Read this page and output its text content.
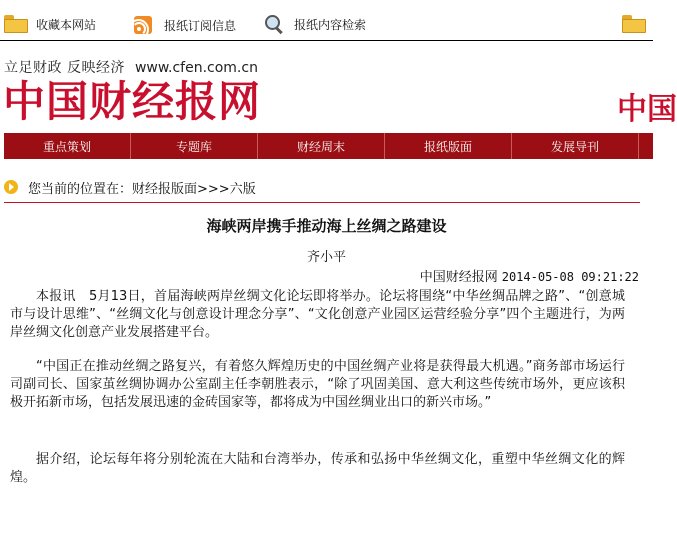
收藏本网站	报纸订阅信息	报纸内容检索
立足财政 反映经济 www.cfen.com.cn
中国财经报网	中国
重点策划	专题库	财经周末	报纸版面	发展导刊
您当前的位置在： 财经报版面>>>六版
海峡两岸携手推动海上丝绸之路建设
齐小平
中国财经报网 2014-05-08 09:21:22

本报讯　5月13日，首届海峡两岸丝绸文化论坛即将举办。论坛将围绕“中华丝绸品牌之路”、“创意城市与设计思维”、“丝绸文化与创意设计理念分享”、“文化创意产业园区运营经验分享”四个主题进行，为两岸丝绸文化创意产业发展搭建平台。

“中国正在推动丝绸之路复兴，有着悠久辉煌历史的中国丝绸产业将是获得最大机遇。”商务部市场运行司副司长、国家茧丝绸协调办公室副主任李朝胜表示，“除了巩固美国、意大利这些传统市场外，更应该积极开拓新市场，包括发展迅速的金砖国家等，都将成为中国丝绸业出口的新兴市场。”

据介绍，论坛每年将分别轮流在大陆和台湾举办，传承和弘扬中华丝绸文化，重塑中华丝绸文化的辉煌。
